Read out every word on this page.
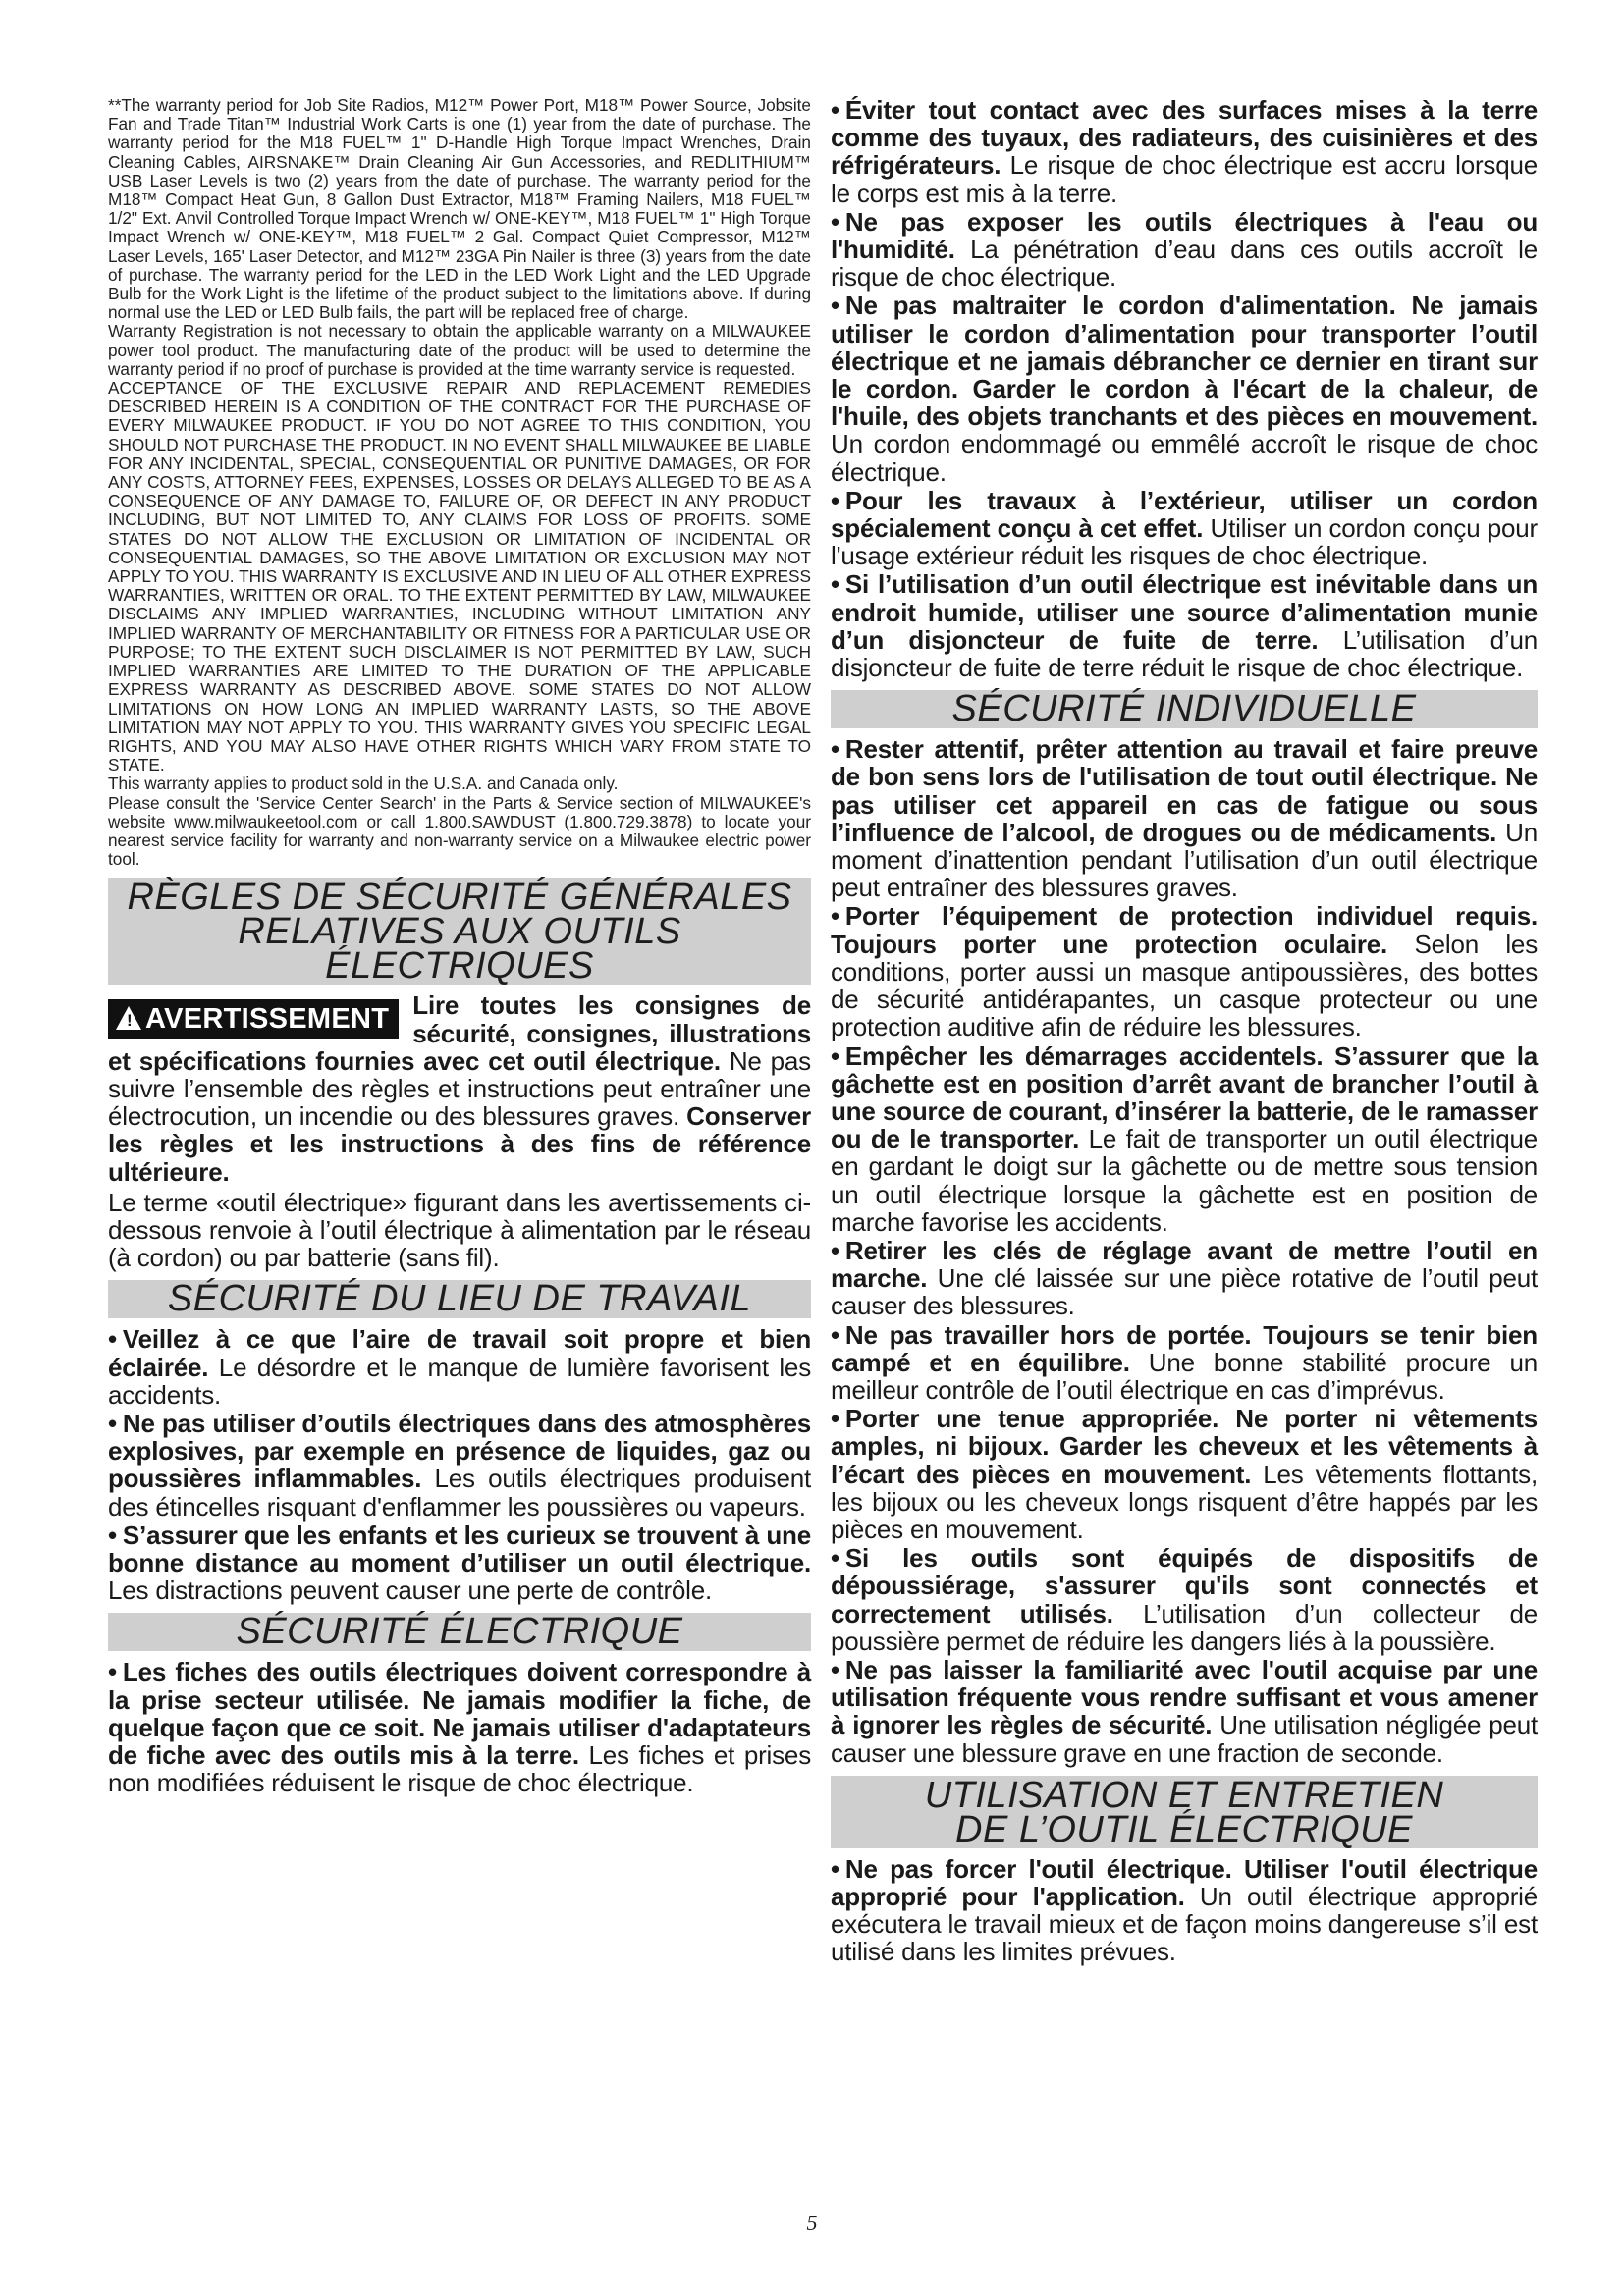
**The warranty period for Job Site Radios, M12™ Power Port, M18™ Power Source, Jobsite Fan and Trade Titan™ Industrial Work Carts is one (1) year from the date of purchase. The warranty period for the M18 FUEL™ 1" D-Handle High Torque Impact Wrenches, Drain Cleaning Cables, AIRSNAKE™ Drain Cleaning Air Gun Accessories, and REDLITHIUM™ USB Laser Levels is two (2) years from the date of purchase. The warranty period for the M18™ Compact Heat Gun, 8 Gallon Dust Extractor, M18™ Framing Nailers, M18 FUEL™ 1/2" Ext. Anvil Controlled Torque Impact Wrench w/ ONE-KEY™, M18 FUEL™ 1" High Torque Impact Wrench w/ ONE-KEY™, M18 FUEL™ 2 Gal. Compact Quiet Compressor, M12™ Laser Levels, 165' Laser Detector, and M12™ 23GA Pin Nailer is three (3) years from the date of purchase. The warranty period for the LED in the LED Work Light and the LED Upgrade Bulb for the Work Light is the lifetime of the product subject to the limitations above. If during normal use the LED or LED Bulb fails, the part will be replaced free of charge.

Warranty Registration is not necessary to obtain the applicable warranty on a MILWAUKEE power tool product. The manufacturing date of the product will be used to determine the warranty period if no proof of purchase is provided at the time warranty service is requested.

ACCEPTANCE OF THE EXCLUSIVE REPAIR AND REPLACEMENT REMEDIES DESCRIBED HEREIN IS A CONDITION OF THE CONTRACT FOR THE PURCHASE OF EVERY MILWAUKEE PRODUCT. IF YOU DO NOT AGREE TO THIS CONDITION, YOU SHOULD NOT PURCHASE THE PRODUCT. IN NO EVENT SHALL MILWAUKEE BE LIABLE FOR ANY INCIDENTAL, SPECIAL, CONSEQUENTIAL OR PUNITIVE DAMAGES, OR FOR ANY COSTS, ATTORNEY FEES, EXPENSES, LOSSES OR DELAYS ALLEGED TO BE AS A CONSEQUENCE OF ANY DAMAGE TO, FAILURE OF, OR DEFECT IN ANY PRODUCT INCLUDING, BUT NOT LIMITED TO, ANY CLAIMS FOR LOSS OF PROFITS. SOME STATES DO NOT ALLOW THE EXCLUSION OR LIMITATION OF INCIDENTAL OR CONSEQUENTIAL DAMAGES, SO THE ABOVE LIMITATION OR EXCLUSION MAY NOT APPLY TO YOU. THIS WARRANTY IS EXCLUSIVE AND IN LIEU OF ALL OTHER EXPRESS WARRANTIES, WRITTEN OR ORAL. TO THE EXTENT PERMITTED BY LAW, MILWAUKEE DISCLAIMS ANY IMPLIED WARRANTIES, INCLUDING WITHOUT LIMITATION ANY IMPLIED WARRANTY OF MERCHANTABILITY OR FITNESS FOR A PARTICULAR USE OR PURPOSE; TO THE EXTENT SUCH DISCLAIMER IS NOT PERMITTED BY LAW, SUCH IMPLIED WARRANTIES ARE LIMITED TO THE DURATION OF THE APPLICABLE EXPRESS WARRANTY AS DESCRIBED ABOVE. SOME STATES DO NOT ALLOW LIMITATIONS ON HOW LONG AN IMPLIED WARRANTY LASTS, SO THE ABOVE LIMITATION MAY NOT APPLY TO YOU. THIS WARRANTY GIVES YOU SPECIFIC LEGAL RIGHTS, AND YOU MAY ALSO HAVE OTHER RIGHTS WHICH VARY FROM STATE TO STATE.

This warranty applies to product sold in the U.S.A. and Canada only.

Please consult the 'Service Center Search' in the Parts & Service section of MILWAUKEE's website www.milwaukeetool.com or call 1.800.SAWDUST (1.800.729.3878) to locate your nearest service facility for warranty and non-warranty service on a Milwaukee electric power tool.

RÈGLES DE SÉCURITÉ GÉNÉRALES
RELATIVES AUX OUTILS ÉLECTRIQUES
! AVERTISSEMENT Lire toutes les consignes de sécurité, consignes, illustrations et spécifications fournies avec cet outil électrique. Ne pas suivre l’ensemble des règles et instructions peut entraîner une électrocution, un incendie ou des blessures graves. Conserver les règles et les instructions à des fins de référence ultérieure.
Le terme «outil électrique» figurant dans les avertissements ci-dessous renvoie à l’outil électrique à alimentation par le réseau (à cordon) ou par batterie (sans fil).
SÉCURITÉ DU LIEU DE TRAVAIL
• Veillez à ce que l’aire de travail soit propre et bien éclairée. Le désordre et le manque de lumière favorisent les accidents.
• Ne pas utiliser d’outils électriques dans des atmosphères explosives, par exemple en présence de liquides, gaz ou poussières inflammables. Les outils électriques produisent des étincelles risquant d'enflammer les poussières ou vapeurs.
• S’assurer que les enfants et les curieux se trouvent à une bonne distance au moment d’utiliser un outil électrique. Les distractions peuvent causer une perte de contrôle.
SÉCURITÉ ÉLECTRIQUE
• Les fiches des outils électriques doivent correspondre à la prise secteur utilisée. Ne jamais modifier la fiche, de quelque façon que ce soit. Ne jamais utiliser d'adaptateurs de fiche avec des outils mis à la terre. Les fiches et prises non modifiées réduisent le risque de choc électrique.
• Éviter tout contact avec des surfaces mises à la terre comme des tuyaux, des radiateurs, des cuisinières et des réfrigérateurs. Le risque de choc électrique est accru lorsque le corps est mis à la terre.
• Ne pas exposer les outils électriques à l'eau ou l'humidité. La pénétration d’eau dans ces outils accroît le risque de choc électrique.
• Ne pas maltraiter le cordon d'alimentation. Ne jamais utiliser le cordon d’alimentation pour transporter l’outil électrique et ne jamais débrancher ce dernier en tirant sur le cordon. Garder le cordon à l'écart de la chaleur, de l'huile, des objets tranchants et des pièces en mouvement. Un cordon endommagé ou emmêlé accroît le risque de choc électrique.
• Pour les travaux à l’extérieur, utiliser un cordon spécialement conçu à cet effet. Utiliser un cordon conçu pour l'usage extérieur réduit les risques de choc électrique.
• Si l’utilisation d’un outil électrique est inévitable dans un endroit humide, utiliser une source d’alimentation munie d’un disjoncteur de fuite de terre. L’utilisation d’un disjoncteur de fuite de terre réduit le risque de choc électrique.
SÉCURITÉ INDIVIDUELLE
• Rester attentif, prêter attention au travail et faire preuve de bon sens lors de l'utilisation de tout outil électrique. Ne pas utiliser cet appareil en cas de fatigue ou sous l’influence de l’alcool, de drogues ou de médicaments. Un moment d’inattention pendant l’utilisation d’un outil électrique peut entraîner des blessures graves.
• Porter l’équipement de protection individuel requis. Toujours porter une protection oculaire. Selon les conditions, porter aussi un masque antipoussières, des bottes de sécurité antidérapantes, un casque protecteur ou une protection auditive afin de réduire les blessures.
• Empêcher les démarrages accidentels. S’assurer que la gâchette est en position d’arrêt avant de brancher l’outil à une source de courant, d’insérer la batterie, de le ramasser ou de le transporter. Le fait de transporter un outil électrique en gardant le doigt sur la gâchette ou de mettre sous tension un outil électrique lorsque la gâchette est en position de marche favorise les accidents.
• Retirer les clés de réglage avant de mettre l’outil en marche. Une clé laissée sur une pièce rotative de l’outil peut causer des blessures.
• Ne pas travailler hors de portée. Toujours se tenir bien campé et en équilibre. Une bonne stabilité procure un meilleur contrôle de l’outil électrique en cas d’imprévus.
• Porter une tenue appropriée. Ne porter ni vêtements amples, ni bijoux. Garder les cheveux et les vêtements à l’écart des pièces en mouvement. Les vêtements flottants, les bijoux ou les cheveux longs risquent d’être happés par les pièces en mouvement.
• Si les outils sont équipés de dispositifs de dépoussiérage, s'assurer qu'ils sont connectés et correctement utilisés. L’utilisation d’un collecteur de poussière permet de réduire les dangers liés à la poussière.
• Ne pas laisser la familiarité avec l'outil acquise par une utilisation fréquente vous rendre suffisant et vous amener à ignorer les règles de sécurité. Une utilisation négligée peut causer une blessure grave en une fraction de seconde.
UTILISATION ET ENTRETIEN
DE L’OUTIL ÉLECTRIQUE
• Ne pas forcer l'outil électrique. Utiliser l'outil électrique approprié pour l'application. Un outil électrique approprié exécutera le travail mieux et de façon moins dangereuse s’il est utilisé dans les limites prévues.
5
